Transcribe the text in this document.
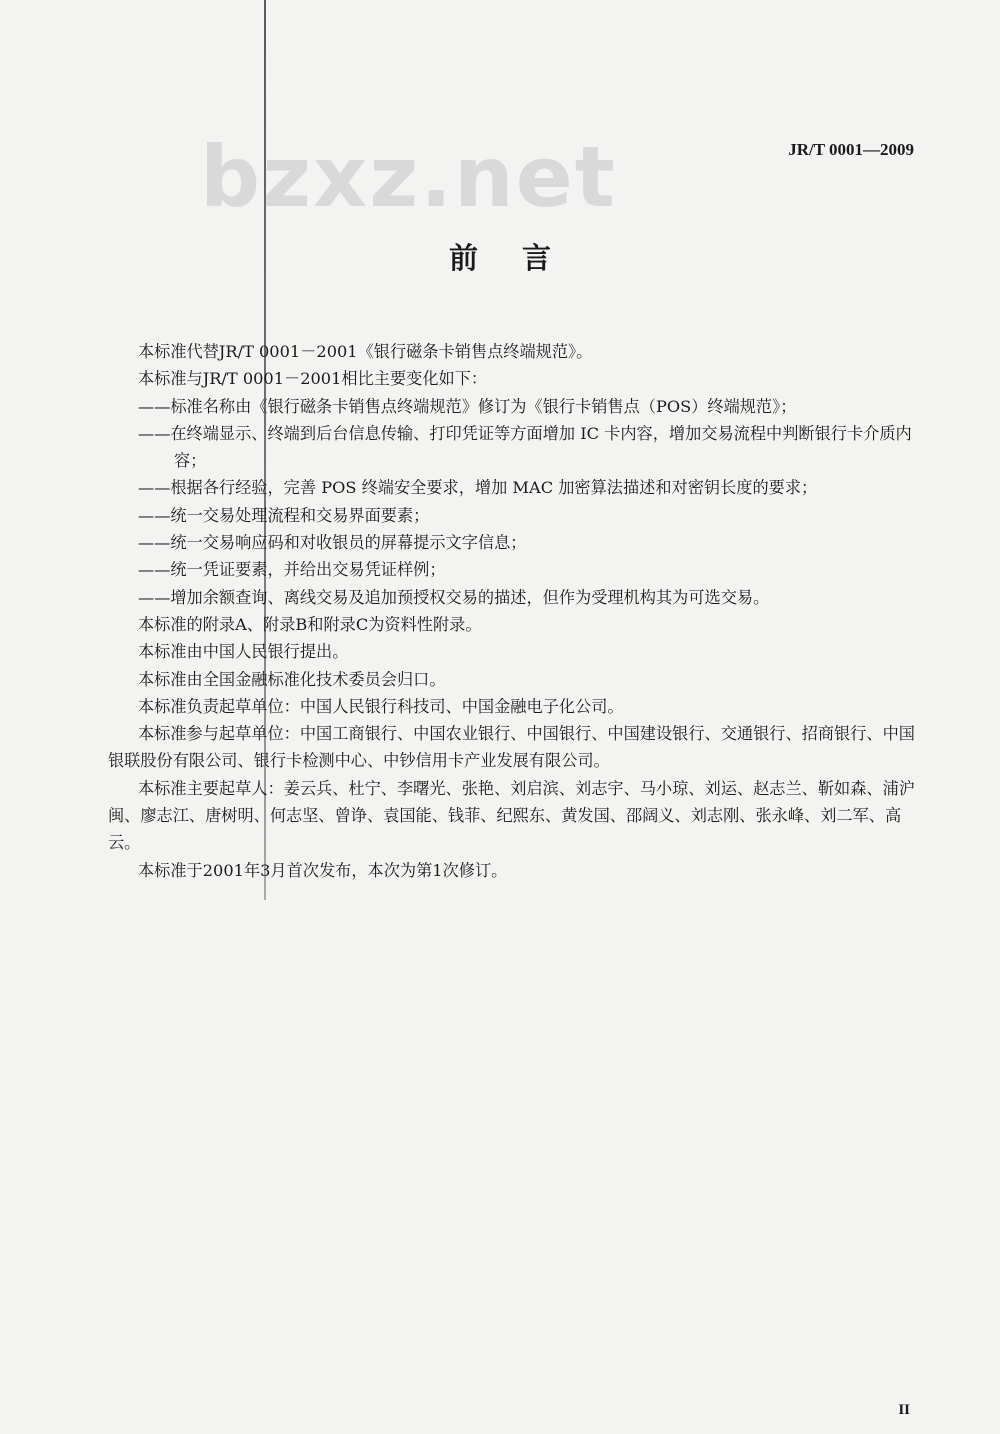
bzxz.net	JR/T 0001—2009
前言

本标准代替JR/T 0001－2001《银行磁条卡销售点终端规范》。

本标准与JR/T 0001－2001相比主要变化如下：

——标准名称由《银行磁条卡销售点终端规范》修订为《银行卡销售点（POS）终端规范》；

——在终端显示、终端到后台信息传输、打印凭证等方面增加 IC 卡内容，增加交易流程中判断银行卡介质内容；

——根据各行经验，完善 POS 终端安全要求，增加 MAC 加密算法描述和对密钥长度的要求；

——统一交易处理流程和交易界面要素；

——统一交易响应码和对收银员的屏幕提示文字信息；

——统一凭证要素，并给出交易凭证样例；

——增加余额查询、离线交易及追加预授权交易的描述，但作为受理机构其为可选交易。

本标准的附录A、附录B和附录C为资料性附录。

本标准由中国人民银行提出。

本标准由全国金融标准化技术委员会归口。

本标准负责起草单位：中国人民银行科技司、中国金融电子化公司。

本标准参与起草单位：中国工商银行、中国农业银行、中国银行、中国建设银行、交通银行、招商银行、中国银联股份有限公司、银行卡检测中心、中钞信用卡产业发展有限公司。

本标准主要起草人：姜云兵、杜宁、李曙光、张艳、刘启滨、刘志宇、马小琼、刘运、赵志兰、靳如森、浦沪闽、廖志江、唐树明、何志坚、曾诤、袁国能、钱菲、纪熙东、黄发国、邵阔义、刘志刚、张永峰、刘二军、高云。

本标准于2001年3月首次发布，本次为第1次修订。

II
